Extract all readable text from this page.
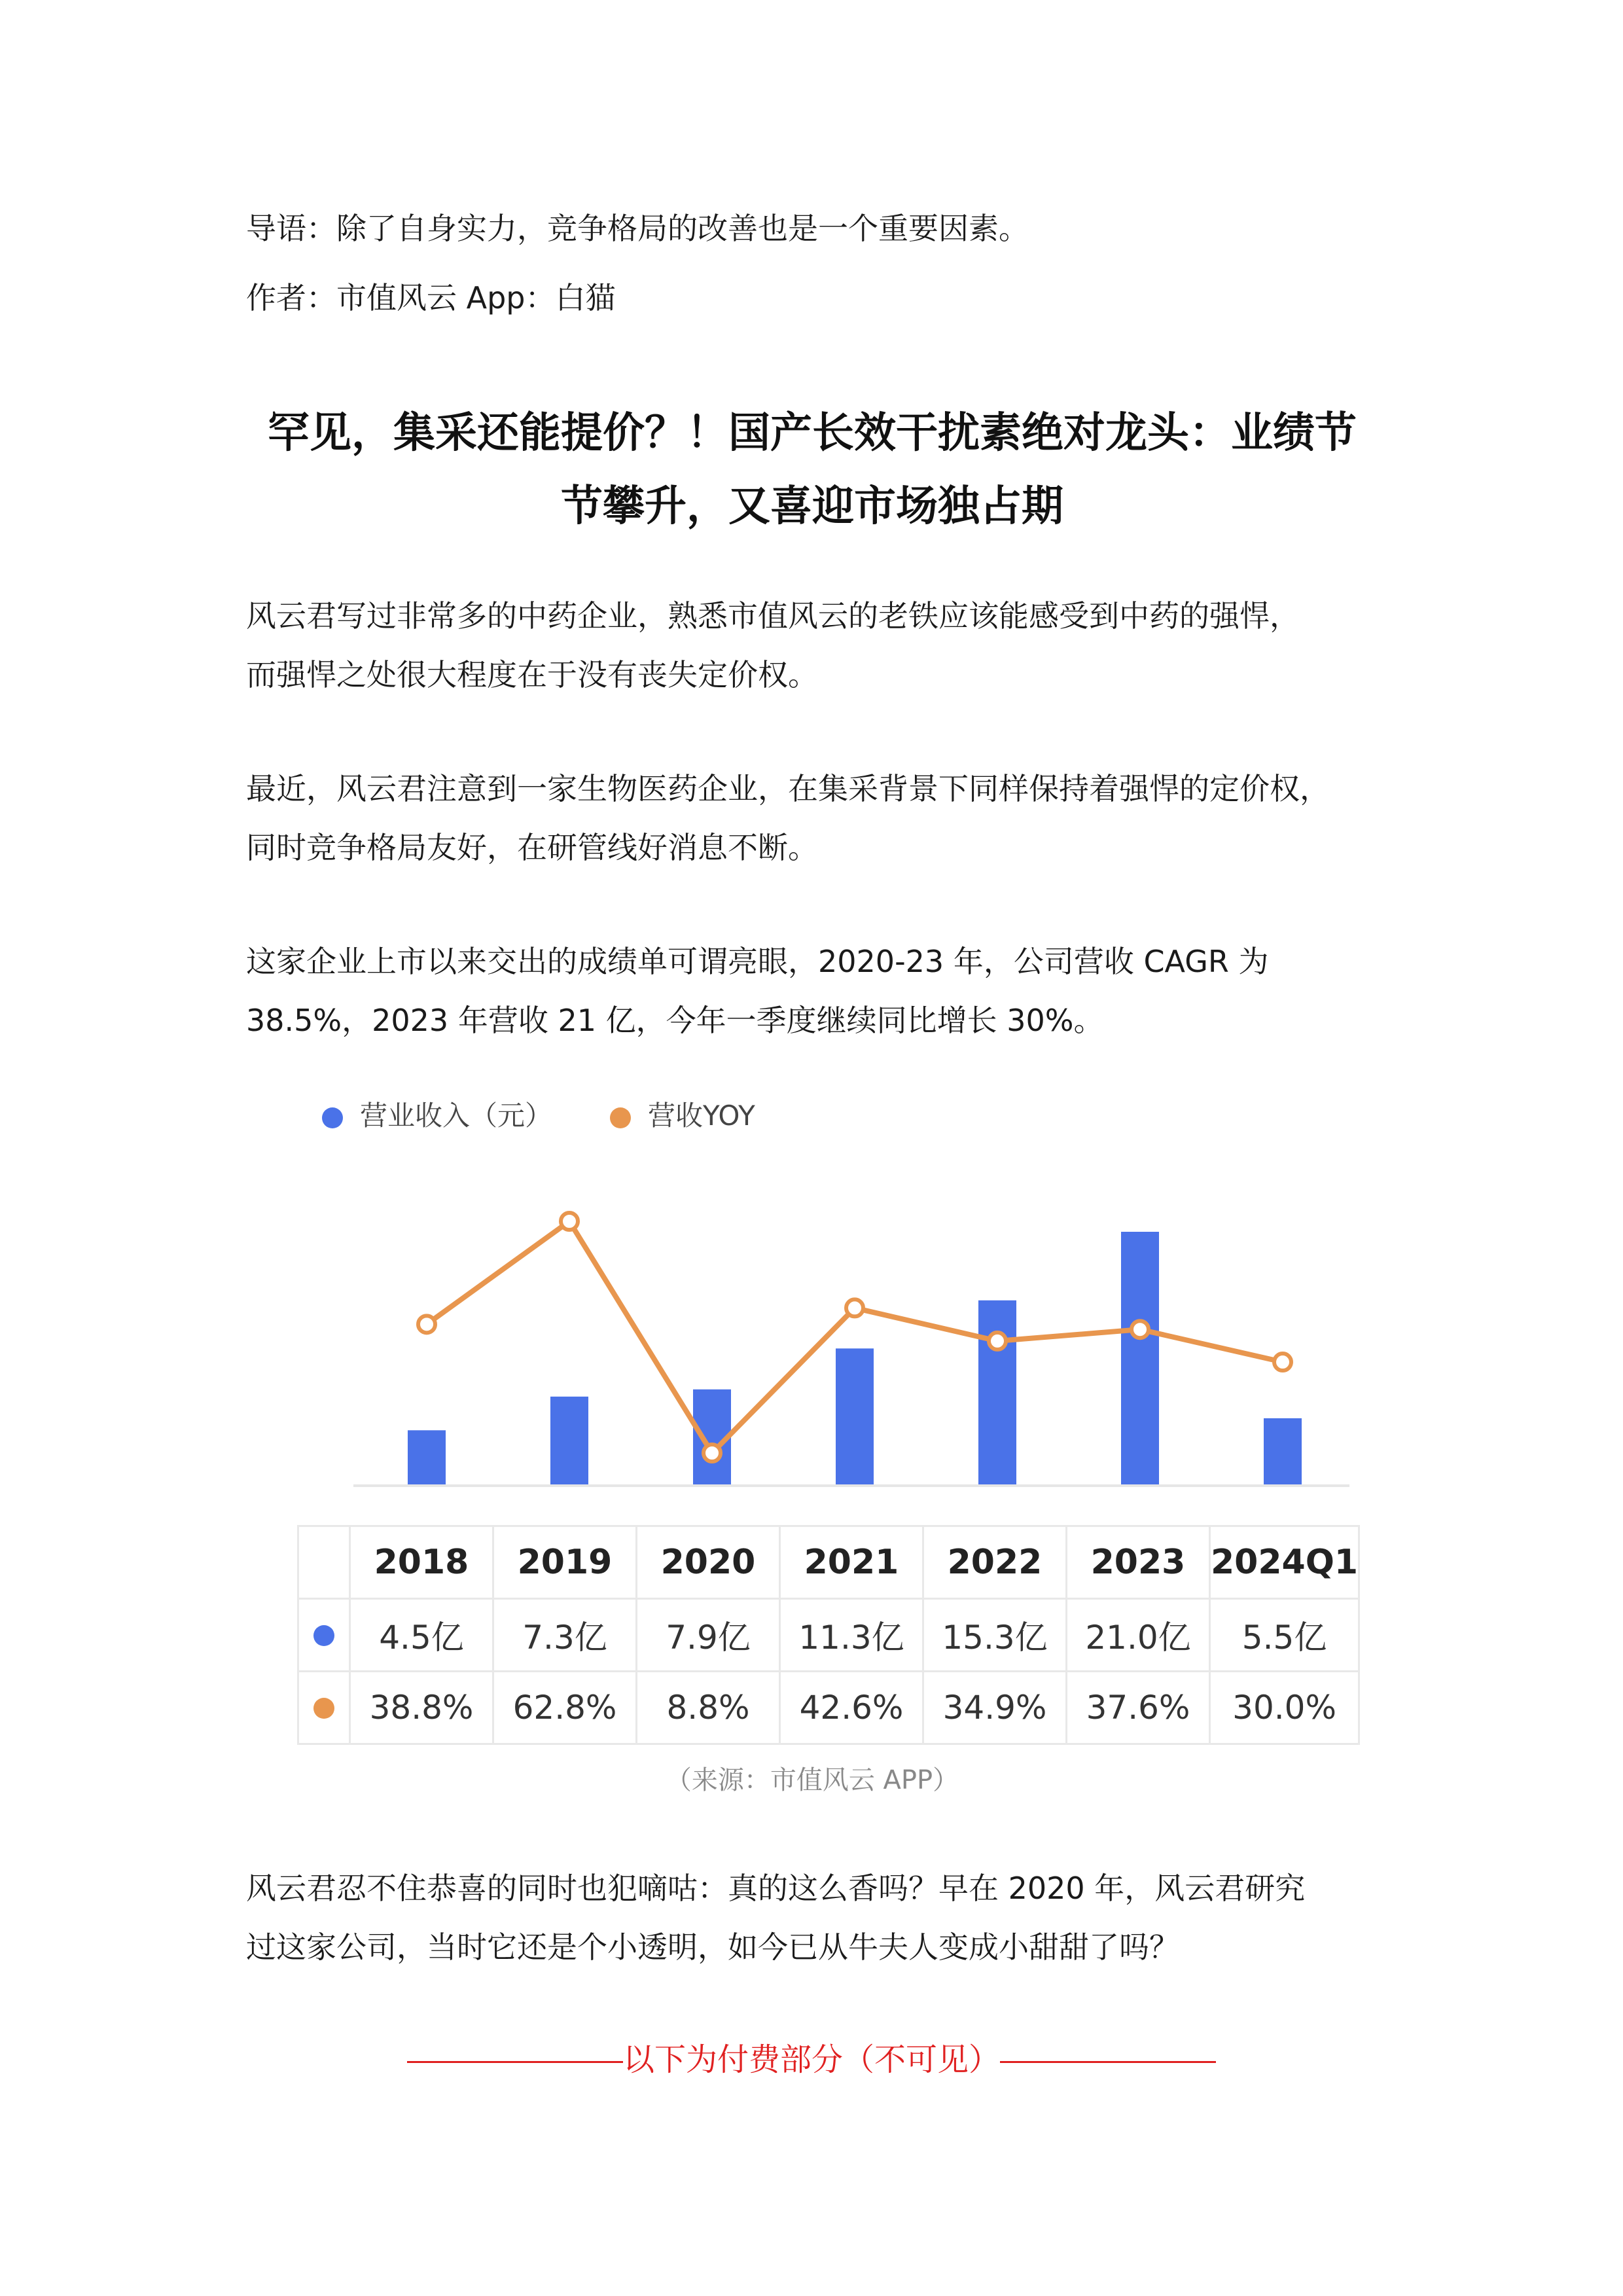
导语：除了自身实力，竞争格局的改善也是一个重要因素。

作者：市值风云 App：白猫

罕见，集采还能提价？！国产长效干扰素绝对龙头：业绩节
节攀升，又喜迎市场独占期

风云君写过非常多的中药企业，熟悉市值风云的老铁应该能感受到中药的强悍，

而强悍之处很大程度在于没有丧失定价权。

最近，风云君注意到一家生物医药企业，在集采背景下同样保持着强悍的定价权，

同时竞争格局友好，在研管线好消息不断。

这家企业上市以来交出的成绩单可谓亮眼，2020-23 年，公司营收 CAGR 为

38.5%，2023 年营收 21 亿，今年一季度继续同比增长 30%。

营业收入（元）	营收YOY
	2018	2019	2020	2021	2022	2023	2024Q1
	4.5亿	7.3亿	7.9亿	11.3亿	15.3亿	21.0亿	5.5亿
	38.8%	62.8%	8.8%	42.6%	34.9%	37.6%	30.0%
（来源：市值风云 APP）

风云君忍不住恭喜的同时也犯嘀咕：真的这么香吗？早在 2020 年，风云君研究

过这家公司，当时它还是个小透明，如今已从牛夫人变成小甜甜了吗？

以下为付费部分（不可见）
